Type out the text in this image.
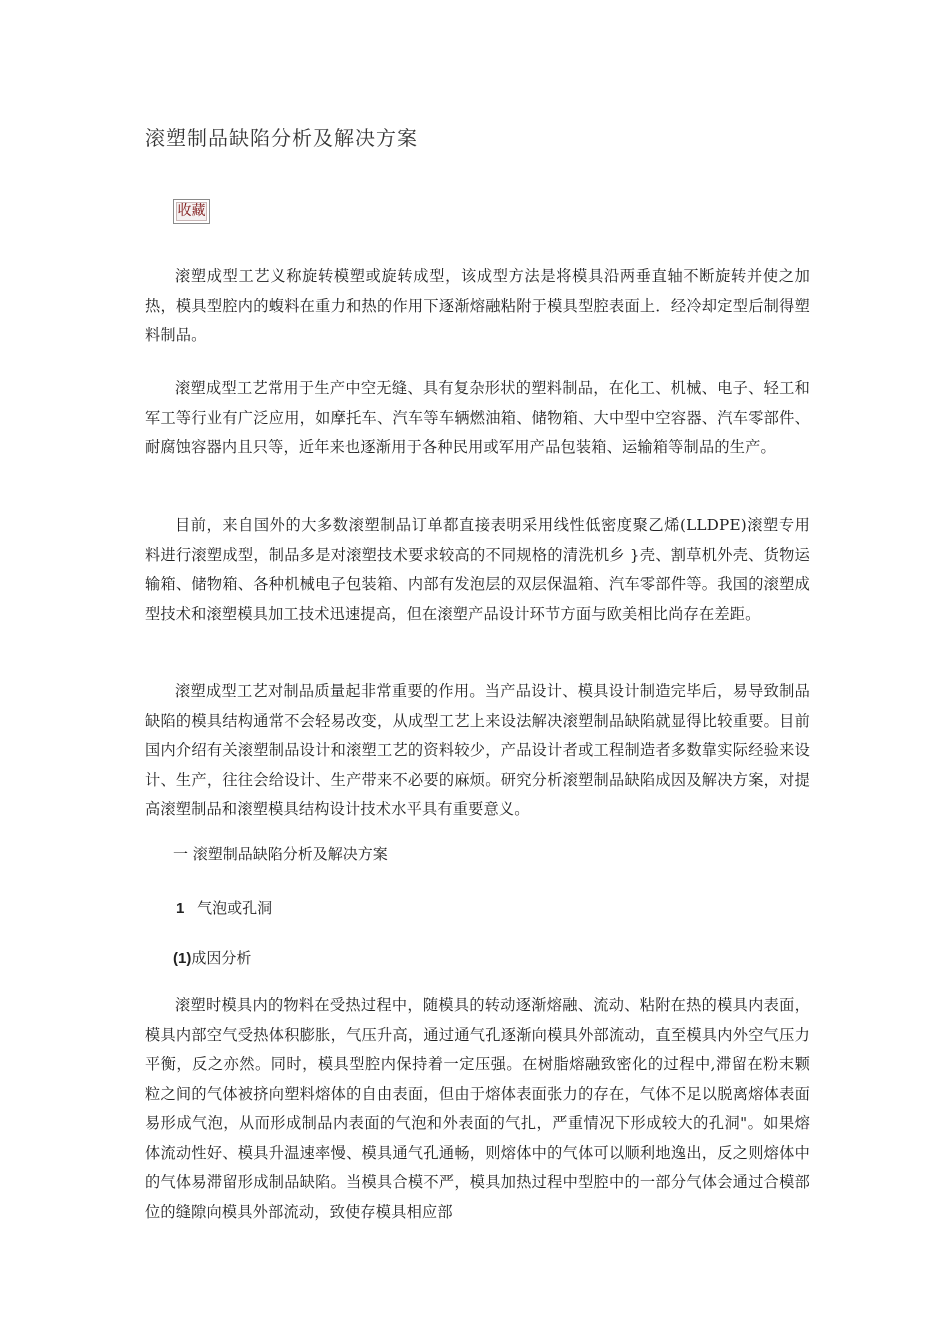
滚塑制品缺陷分析及解决方案
收藏

滚塑成型工艺义称旋转模塑或旋转成型，该成型方法是将模具沿两垂直轴不断旋转并使之加热，模具型腔内的蝮料在重力和热的作用下逐渐熔融粘附于模具型腔表面上．经冷却定型后制得塑料制品。

滚塑成型工艺常用于生产中空无缝、具有复杂形状的塑料制品，在化工、机械、电子、轻工和军工等行业有广泛应用，如摩托车、汽车等车辆燃油箱、储物箱、大中型中空容器、汽车零部件、耐腐蚀容器内且只等，近年来也逐渐用于各种民用或军用产品包装箱、运输箱等制品的生产。

目前，来自国外的大多数滚塑制品订单都直接表明采用线性低密度聚乙烯(LLDPE)滚塑专用料进行滚塑成型，制品多是对滚塑技术要求较高的不同规格的清洗机乡 }壳、割草机外壳、货物运输箱、储物箱、各种机械电子包装箱、内部有发泡层的双层保温箱、汽车零部件等。我国的滚塑成型技术和滚塑模具加工技术迅速提高，但在滚塑产品设计环节方面与欧美相比尚存在差距。

滚塑成型工艺对制品质量起非常重要的作用。当产品设计、模具设计制造完毕后，易导致制品缺陷的模具结构通常不会轻易改变，从成型工艺上来设法解决滚塑制品缺陷就显得比较重要。目前国内介绍有关滚塑制品设计和滚塑工艺的资料较少，产品设计者或工程制造者多数靠实际经验来设计、生产，往往会给设计、生产带来不必要的麻烦。研究分析滚塑制品缺陷成因及解决方案，对提高滚塑制品和滚塑模具结构设计技术水平具有重要意义。

一 滚塑制品缺陷分析及解决方案
1 气泡或孔洞
(1)成因分析

滚塑时模具内的物料在受热过程中，随模具的转动逐渐熔融、流动、粘附在热的模具内表面，模具内部空气受热体积膨胀，气压升高，通过通气孔逐渐向模具外部流动，直至模具内外空气压力平衡，反之亦然。同时，模具型腔内保持着一定压强。在树脂熔融致密化的过程中,滞留在粉末颗粒之间的气体被挤向塑料熔体的自由表面，但由于熔体表面张力的存在，气体不足以脱离熔体表面易形成气泡，从而形成制品内表面的气泡和外表面的气扎，严重情况下形成较大的孔洞"。如果熔体流动性好、模具升温速率慢、模具通气孔通畅，则熔体中的气体可以顺利地逸出，反之则熔体中的气体易滞留形成制品缺陷。当模具合模不严，模具加热过程中型腔中的一部分气体会通过合模部位的缝隙向模具外部流动，致使存模具相应部
